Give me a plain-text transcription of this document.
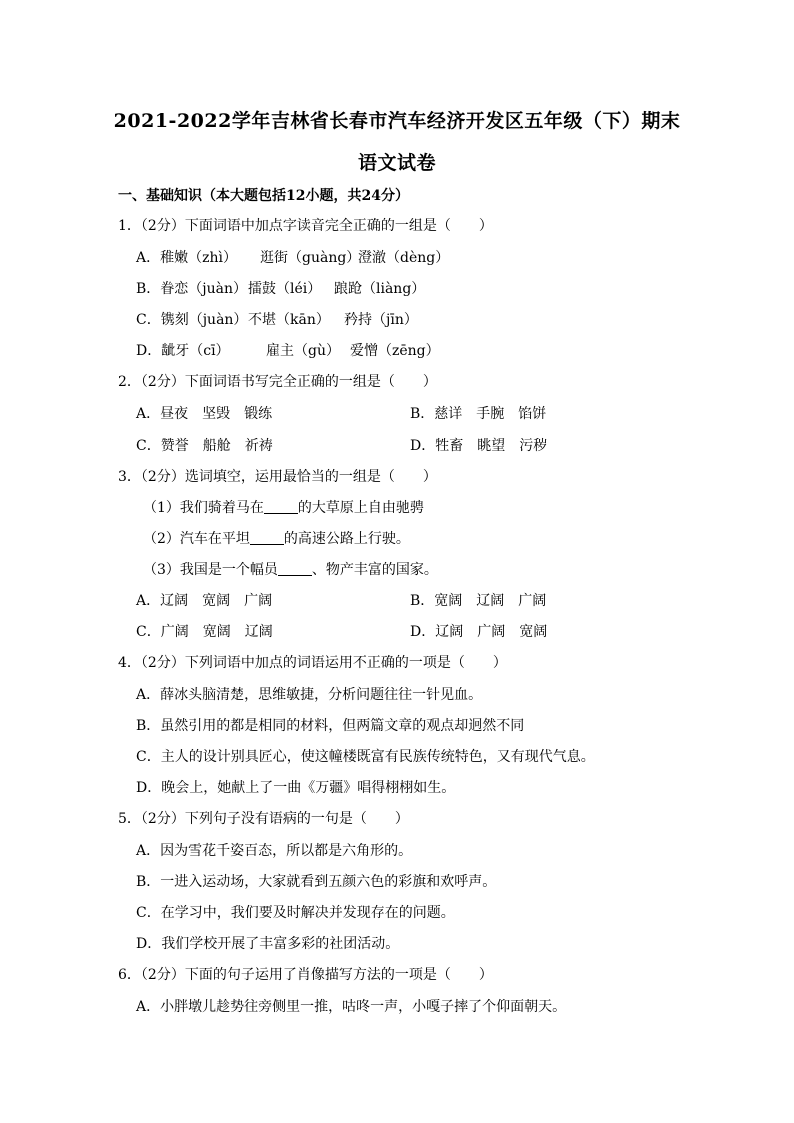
2021-2022学年吉林省长春市汽车经济开发区五年级（下）期末
语文试卷
一、基础知识（本大题包括12小题，共24分）
1．（2分）下面词语中加点字读音完全正确的一组是（　　）
A．稚嫩（zhì） 逛街（guàng）澄澈（dèng）
B．眷恋（juàn）擂鼓（léi） 踉跄（liàng）
C．镌刻（juàn）不堪（kān） 矜持（jīn）
D．龇牙（cī）	雇主（gù） 爱憎（zēng）
2．（2分）下面词语书写完全正确的一组是（　　）
A．昼夜　坚毁　锻练	B．慈详　手腕　馅饼
C．赞誉　船舱　祈祷	D．牲畜　眺望　污秽
3．（2分）选词填空，运用最恰当的一组是（　　）
（1）我们骑着马在 的大草原上自由驰骋
（2）汽车在平坦 的高速公路上行驶。
（3）我国是一个幅员 、物产丰富的国家。
A．辽阔　宽阔　广阔	B．宽阔　辽阔　广阔
C．广阔　宽阔　辽阔	D．辽阔　广阔　宽阔
4．（2分）下列词语中加点的词语运用不正确的一项是（　　）
A．薛冰头脑清楚，思维敏捷，分析问题往往一针见血。
B．虽然引用的都是相同的材料，但两篇文章的观点却迥然不同
C．主人的设计别具匠心，使这幢楼既富有民族传统特色，又有现代气息。
D．晚会上，她献上了一曲《万疆》唱得栩栩如生。
5．（2分）下列句子没有语病的一句是（　　）
A．因为雪花千姿百态，所以都是六角形的。
B．一进入运动场，大家就看到五颜六色的彩旗和欢呼声。
C．在学习中，我们要及时解决并发现存在的问题。
D．我们学校开展了丰富多彩的社团活动。
6．（2分）下面的句子运用了肖像描写方法的一项是（　　）
A．小胖墩儿趁势往旁侧里一推，咕咚一声，小嘎子摔了个仰面朝天。
